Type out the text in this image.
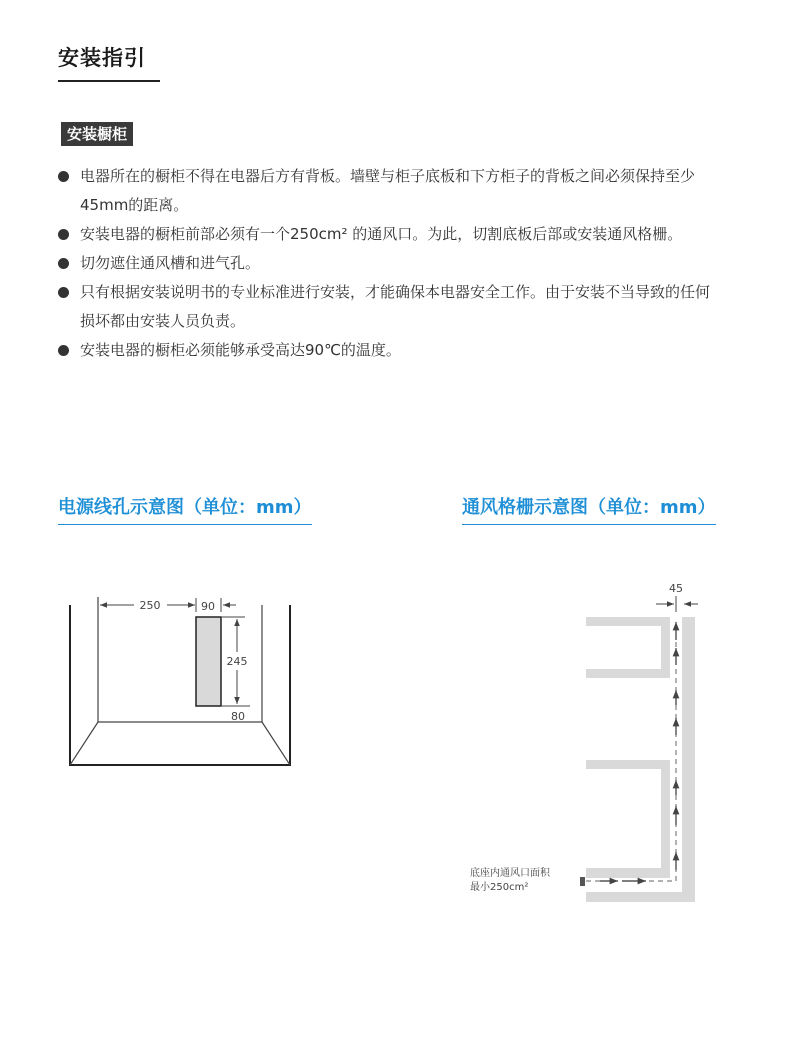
安装指引
安装橱柜
电器所在的橱柜不得在电器后方有背板。墙壁与柜子底板和下方柜子的背板之间必须保持至少45mm的距离。
安装电器的橱柜前部必须有一个250cm² 的通风口。为此，切割底板后部或安装通风格栅。
切勿遮住通风槽和进气孔。
只有根据安装说明书的专业标准进行安装，才能确保本电器安全工作。由于安装不当导致的任何损坏都由安装人员负责。
安装电器的橱柜必须能够承受高达90℃的温度。
电源线孔示意图（单位：mm）	通风格栅示意图（单位：mm）
250	90
245
80
45
底座内通风口面积
最小250cm²
